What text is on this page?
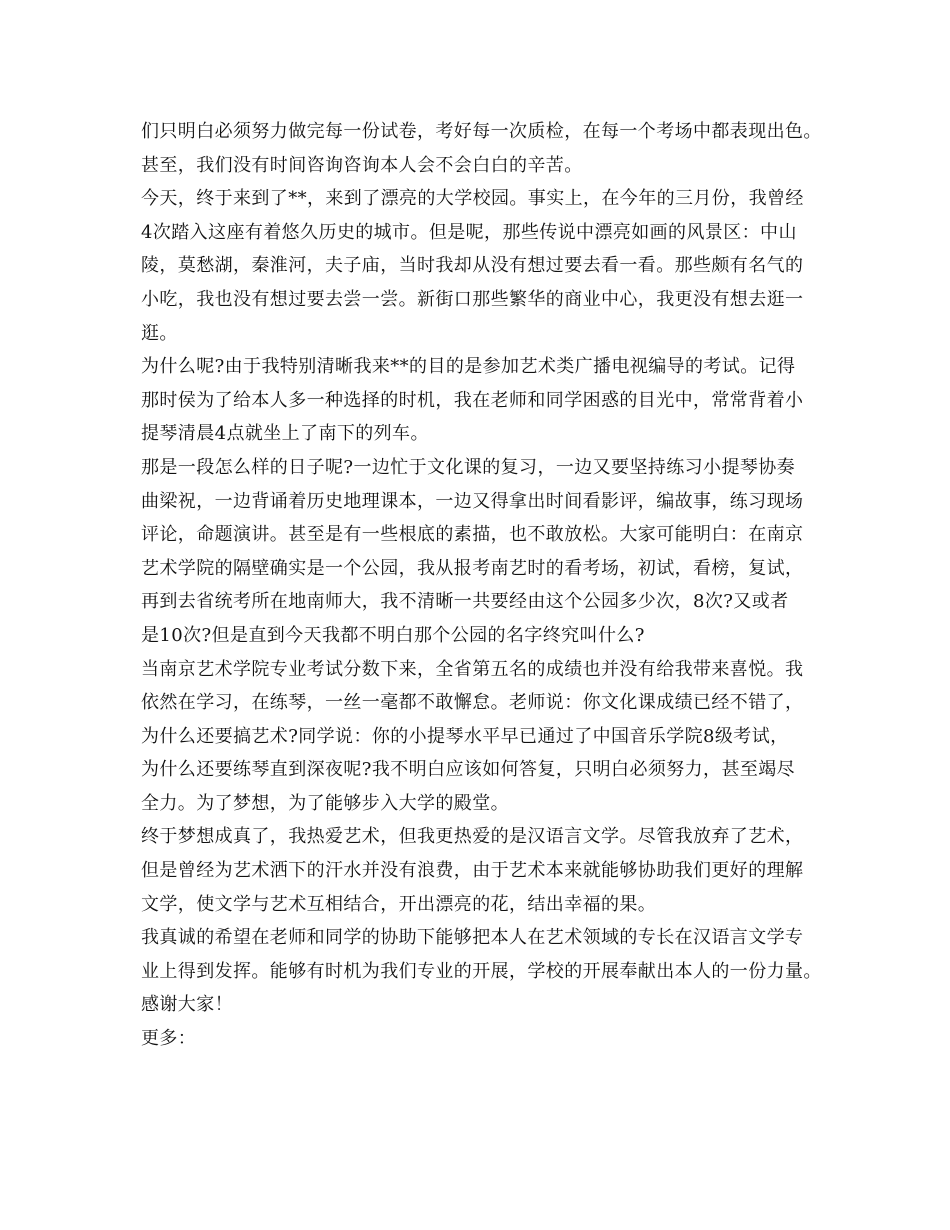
们只明白必须努力做完每一份试卷，考好每一次质检，在每一个考场中都表现出色。
甚至，我们没有时间咨询咨询本人会不会白白的辛苦。
今天，终于来到了**，来到了漂亮的大学校园。事实上，在今年的三月份，我曾经
4次踏入这座有着悠久历史的城市。但是呢，那些传说中漂亮如画的风景区：中山
陵，莫愁湖，秦淮河，夫子庙，当时我却从没有想过要去看一看。那些颇有名气的
小吃，我也没有想过要去尝一尝。新街口那些繁华的商业中心，我更没有想去逛一
逛。
为什么呢?由于我特别清晰我来**的目的是参加艺术类广播电视编导的考试。记得
那时侯为了给本人多一种选择的时机，我在老师和同学困惑的目光中，常常背着小
提琴清晨4点就坐上了南下的列车。
那是一段怎么样的日子呢?一边忙于文化课的复习，一边又要坚持练习小提琴协奏
曲梁祝，一边背诵着历史地理课本，一边又得拿出时间看影评，编故事，练习现场
评论，命题演讲。甚至是有一些根底的素描，也不敢放松。大家可能明白：在南京
艺术学院的隔壁确实是一个公园，我从报考南艺时的看考场，初试，看榜，复试，
再到去省统考所在地南师大，我不清晰一共要经由这个公园多少次，8次?又或者
是10次?但是直到今天我都不明白那个公园的名字终究叫什么?
当南京艺术学院专业考试分数下来，全省第五名的成绩也并没有给我带来喜悦。我
依然在学习，在练琴，一丝一毫都不敢懈怠。老师说：你文化课成绩已经不错了，
为什么还要搞艺术?同学说：你的小提琴水平早已通过了中国音乐学院8级考试，
为什么还要练琴直到深夜呢?我不明白应该如何答复，只明白必须努力，甚至竭尽
全力。为了梦想，为了能够步入大学的殿堂。
终于梦想成真了，我热爱艺术，但我更热爱的是汉语言文学。尽管我放弃了艺术，
但是曾经为艺术洒下的汗水并没有浪费，由于艺术本来就能够协助我们更好的理解
文学，使文学与艺术互相结合，开出漂亮的花，结出幸福的果。
我真诚的希望在老师和同学的协助下能够把本人在艺术领域的专长在汉语言文学专
业上得到发挥。能够有时机为我们专业的开展，学校的开展奉献出本人的一份力量。
感谢大家！
更多：
